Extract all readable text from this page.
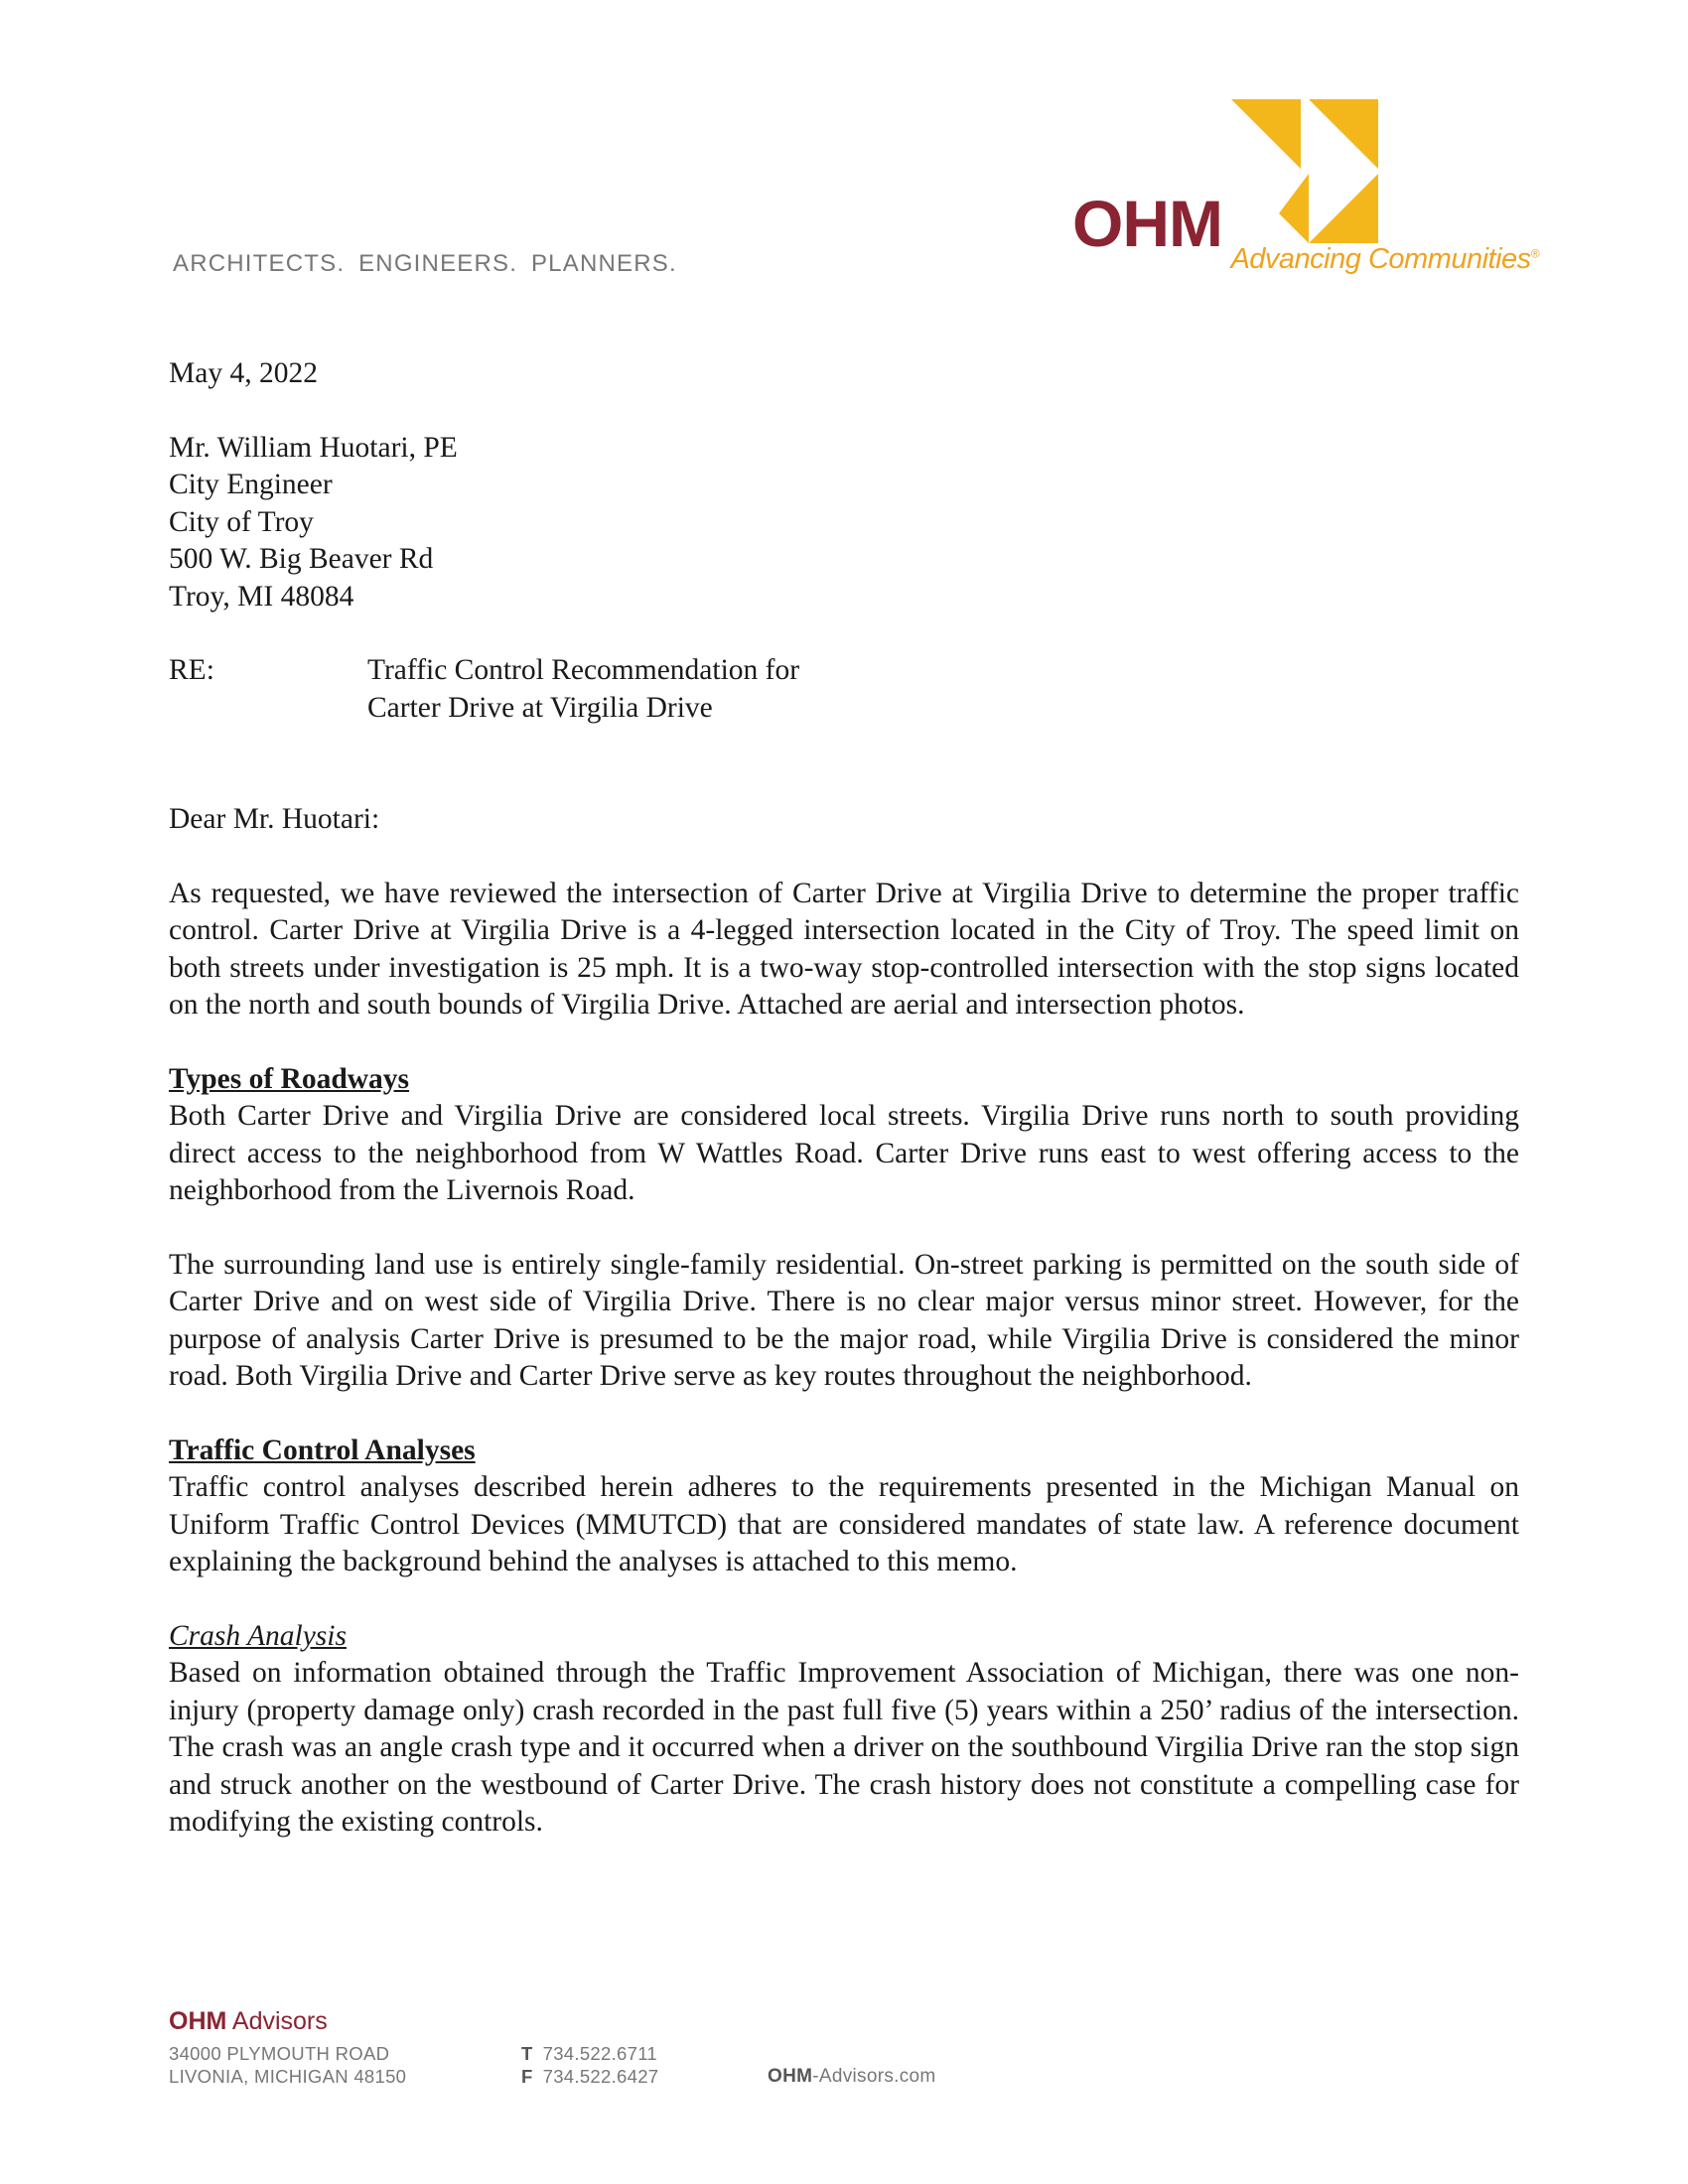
ARCHITECTS. ENGINEERS. PLANNERS.
OHM Advancing Communities®
May 4, 2022
Mr. William Huotari, PE
City Engineer
City of Troy
500 W. Big Beaver Rd
Troy, MI 48084
RE:	Traffic Control Recommendation for
Carter Drive at Virgilia Drive
Dear Mr. Huotari:

As requested, we have reviewed the intersection of Carter Drive at Virgilia Drive to determine the proper traffic control. Carter Drive at Virgilia Drive is a 4-legged intersection located in the City of Troy. The speed limit on both streets under investigation is 25 mph. It is a two-way stop-controlled intersection with the stop signs located on the north and south bounds of Virgilia Drive. Attached are aerial and intersection photos.

Types of Roadways

Both Carter Drive and Virgilia Drive are considered local streets. Virgilia Drive runs north to south providing direct access to the neighborhood from W Wattles Road. Carter Drive runs east to west offering access to the neighborhood from the Livernois Road.

The surrounding land use is entirely single-family residential. On-street parking is permitted on the south side of Carter Drive and on west side of Virgilia Drive. There is no clear major versus minor street. However, for the purpose of analysis Carter Drive is presumed to be the major road, while Virgilia Drive is considered the minor road. Both Virgilia Drive and Carter Drive serve as key routes throughout the neighborhood.

Traffic Control Analyses

Traffic control analyses described herein adheres to the requirements presented in the Michigan Manual on Uniform Traffic Control Devices (MMUTCD) that are considered mandates of state law. A reference document explaining the background behind the analyses is attached to this memo.

Crash Analysis

Based on information obtained through the Traffic Improvement Association of Michigan, there was one non-injury (property damage only) crash recorded in the past full five (5) years within a 250’ radius of the intersection. The crash was an angle crash type and it occurred when a driver on the southbound Virgilia Drive ran the stop sign and struck another on the westbound of Carter Drive. The crash history does not constitute a compelling case for modifying the existing controls.

OHM Advisors
34000 PLYMOUTH ROAD
LIVONIA, MICHIGAN 48150
T 734.522.6711
F 734.522.6427	OHM-Advisors.com
